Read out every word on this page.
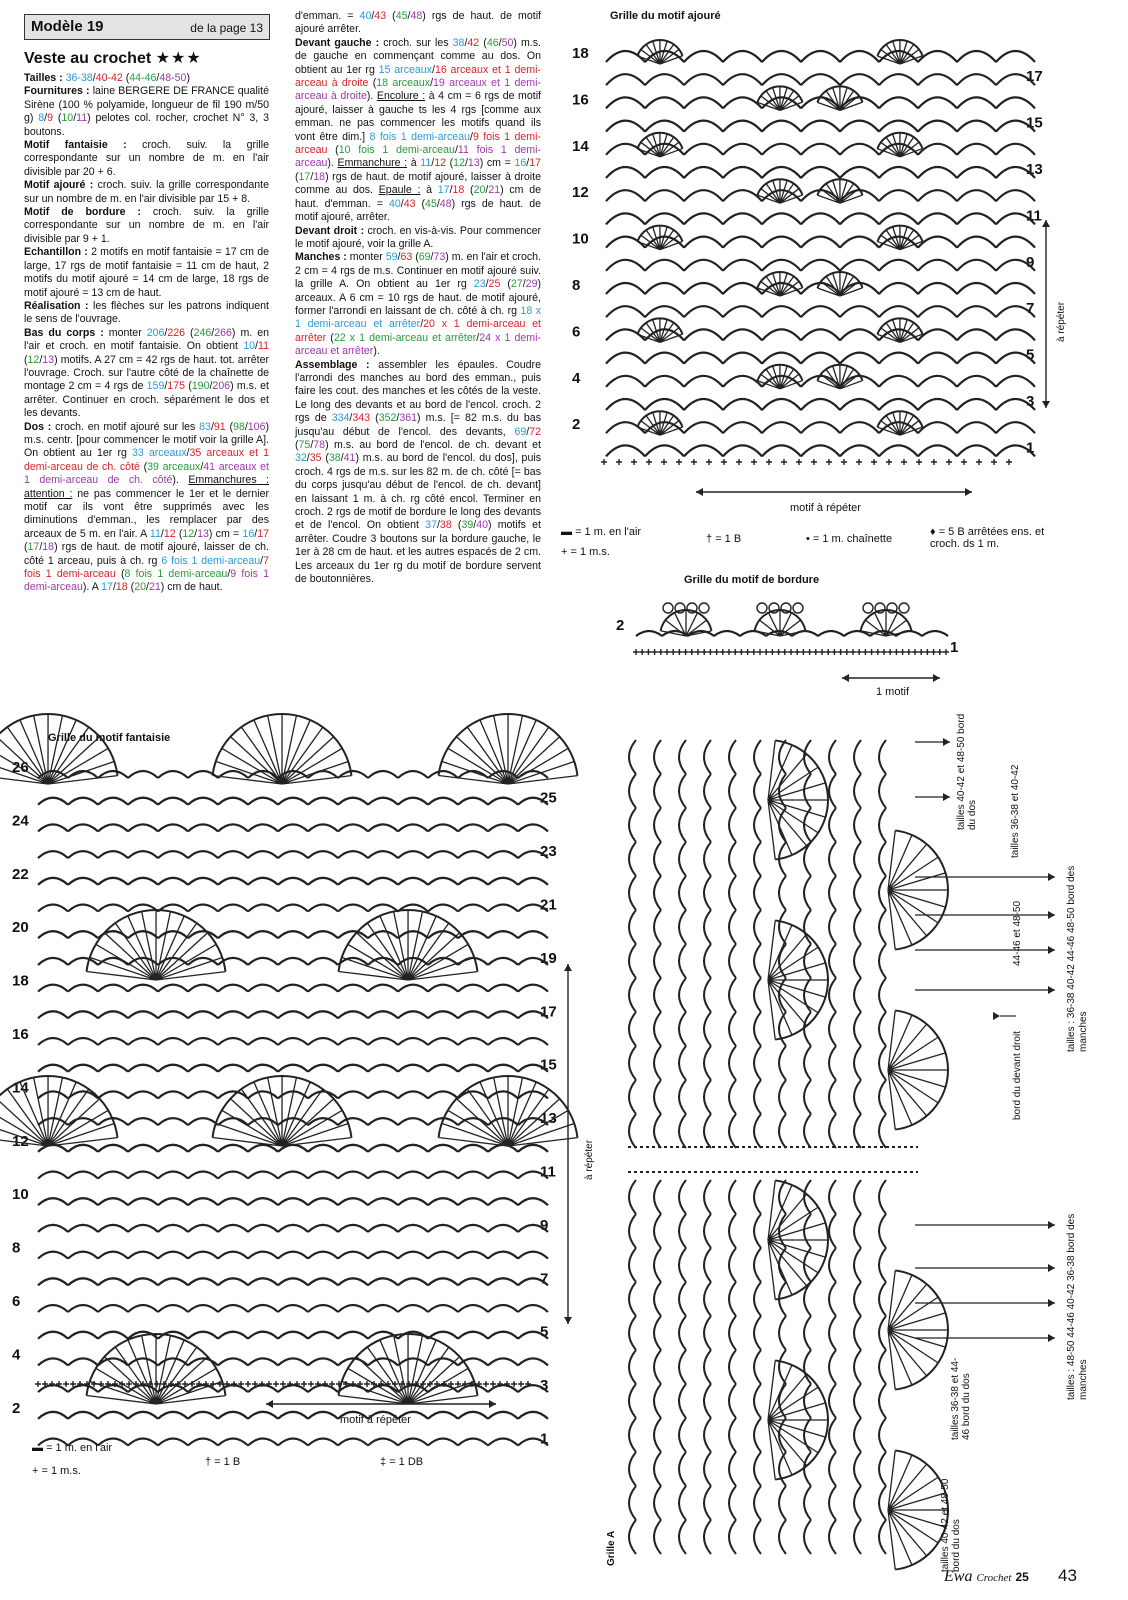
Modèle 19	de la page 13
Veste au crochet ★★★

Tailles : 36-38/40-42 (44-46/48-50)

Fournitures : laine BERGERE DE FRANCE qualité Sirène (100 % polyamide, longueur de fil 190 m/50 g) 8/9 (10/11) pelotes col. rocher, crochet N° 3, 3 boutons.

Motif fantaisie : croch. suiv. la grille correspondante sur un nombre de m. en l'air divisible par 20 + 6.

Motif ajouré : croch. suiv. la grille correspondante sur un nombre de m. en l'air divisible par 15 + 8.

Motif de bordure : croch. suiv. la grille correspondante sur un nombre de m. en l'air divisible par 9 + 1.

Echantillon : 2 motifs en motif fantaisie = 17 cm de large, 17 rgs de motif fantaisie = 11 cm de haut, 2 motifs du motif ajouré = 14 cm de large, 18 rgs de motif ajouré = 13 cm de haut.

Réalisation : les flèches sur les patrons indiquent le sens de l'ouvrage.

Bas du corps : monter 206/226 (246/266) m. en l'air et croch. en motif fantaisie. On obtient 10/11 (12/13) motifs. A 27 cm = 42 rgs de haut. tot. arrêter l'ouvrage. Croch. sur l'autre côté de la chaînette de montage 2 cm = 4 rgs de 159/175 (190/206) m.s. et arrêter. Continuer en croch. séparément le dos et les devants.

Dos : croch. en motif ajouré sur les 83/91 (98/106) m.s. centr. [pour commencer le motif voir la grille A]. On obtient au 1er rg 33 arceaux/35 arceaux et 1 demi-arceau de ch. côté (39 arceaux/41 arceaux et 1 demi-arceau de ch. côté). Emmanchures : attention : ne pas commencer le 1er et le dernier motif car ils vont être supprimés avec les diminutions d'emman., les remplacer par des arceaux de 5 m. en l'air. A 11/12 (12/13) cm = 16/17 (17/18) rgs de haut. de motif ajouré, laisser de ch. côté 1 arceau, puis à ch. rg 6 fois 1 demi-arceau/7 fois 1 demi-arceau (8 fois 1 demi-arceau/9 fois 1 demi-arceau). A 17/18 (20/21) cm de haut.

d'emman. = 40/43 (45/48) rgs de haut. de motif ajouré arrêter.

Devant gauche : croch. sur les 38/42 (46/50) m.s. de gauche en commençant comme au dos. On obtient au 1er rg 15 arceaux/16 arceaux et 1 demi-arceau à droite (18 arceaux/19 arceaux et 1 demi-arceau à droite). Encolure : à 4 cm = 6 rgs de motif ajouré, laisser à gauche ts les 4 rgs [comme aux emman. ne pas commencer les motifs quand ils vont être dim.] 8 fois 1 demi-arceau/9 fois 1 demi-arceau (10 fois 1 demi-arceau/11 fois 1 demi-arceau). Emmanchure : à 11/12 (12/13) cm = 16/17 (17/18) rgs de haut. de motif ajouré, laisser à droite comme au dos. Epaule : à 17/18 (20/21) cm de haut. d'emman. = 40/43 (45/48) rgs de haut. de motif ajouré, arrêter.

Devant droit : croch. en vis-à-vis. Pour commencer le motif ajouré, voir la grille A.

Manches : monter 59/63 (69/73) m. en l'air et croch. 2 cm = 4 rgs de m.s. Continuer en motif ajouré suiv. la grille A. On obtient au 1er rg 23/25 (27/29) arceaux. A 6 cm = 10 rgs de haut. de motif ajouré, former l'arrondi en laissant de ch. côté à ch. rg 18 x 1 demi-arceau et arrêter/20 x 1 demi-arceau et arrêter (22 x 1 demi-arceau et arrêter/24 x 1 demi-arceau et arrêter).

Assemblage : assembler les épaules. Coudre l'arrondi des manches au bord des emman., puis faire les cout. des manches et les côtés de la veste. Le long des devants et au bord de l'encol. croch. 2 rgs de 334/343 (352/361) m.s. [= 82 m.s. du bas jusqu'au début de l'encol. des devants, 69/72 (75/78) m.s. au bord de l'encol. de ch. devant et 32/35 (38/41) m.s. au bord de l'encol. du dos], puis croch. 4 rgs de m.s. sur les 82 m. de ch. côté [= bas du corps jusqu'au début de l'encol. de ch. devant] en laissant 1 m. à ch. rg côté encol. Terminer en croch. 2 rgs de motif de bordure le long des devants et de l'encol. On obtient 37/38 (39/40) motifs et arrêter. Coudre 3 boutons sur la bordure gauche, le 1er à 28 cm de haut. et les autres espacés de 2 cm. Les arceaux du 1er rg du motif de bordure servent de boutonnières.

Grille du motif ajouré
18
17
16
15
14
13
12
11
10
9
8
7
6
5
4
3
2
1
à répéter
motif à répéter
▬ = 1 m. en l'air
+ = 1 m.s.
† = 1 B	• = 1 m. chaînette
♦ = 5 B arrêtées ens. et croch. ds 1 m.
Grille du motif de bordure
2
1
1 motif
Grille du motif fantaisie
26
25
24
23
22
21
20
19
18
17
16
15
14
13
12
11
10
9
8
7
6
5
4
3
2
1
à répéter
motif à répéter
▬ = 1 m. en l'air
+ = 1 m.s.
† = 1 B	‡ = 1 DB
Grille A
tailles 40-42 et 48-50 bord du dos	tailles 36-38 et 40-42
bord du devant droit
44-46 et 48-50	tailles : 36-38 40-42 44-46 48-50 bord des manches
tailles : 48-50 44-46 40-42 36-38 bord des manches
tailles 36-38 et 44-46 bord du dos
tailles 40-42 et 48-50 bord du dos
Ewa Crochet 25 43
